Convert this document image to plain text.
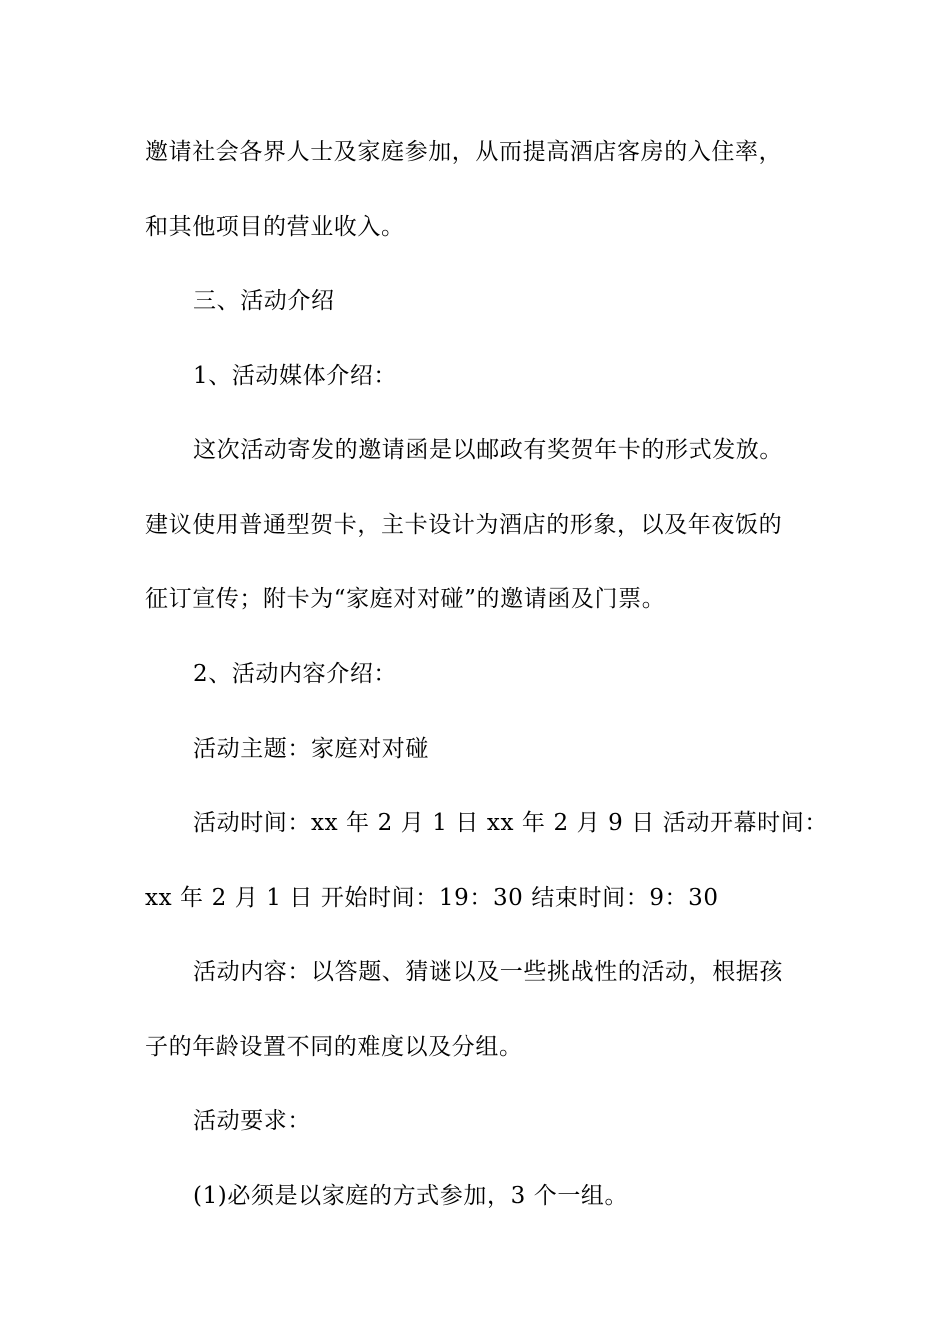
邀请社会各界人士及家庭参加，从而提高酒店客房的入住率，
和其他项目的营业收入。
三、活动介绍
1、活动媒体介绍：
这次活动寄发的邀请函是以邮政有奖贺年卡的形式发放。
建议使用普通型贺卡，主卡设计为酒店的形象，以及年夜饭的
征订宣传；附卡为“家庭对对碰”的邀请函及门票。
2、活动内容介绍：
活动主题：家庭对对碰
活动时间：xx 年 2 月 1 日 xx 年 2 月 9 日 活动开幕时间：
xx 年 2 月 1 日 开始时间：19：30 结束时间：9：30
活动内容：以答题、猜谜以及一些挑战性的活动，根据孩
子的年龄设置不同的难度以及分组。
活动要求：
(1)必须是以家庭的方式参加，3 个一组。
